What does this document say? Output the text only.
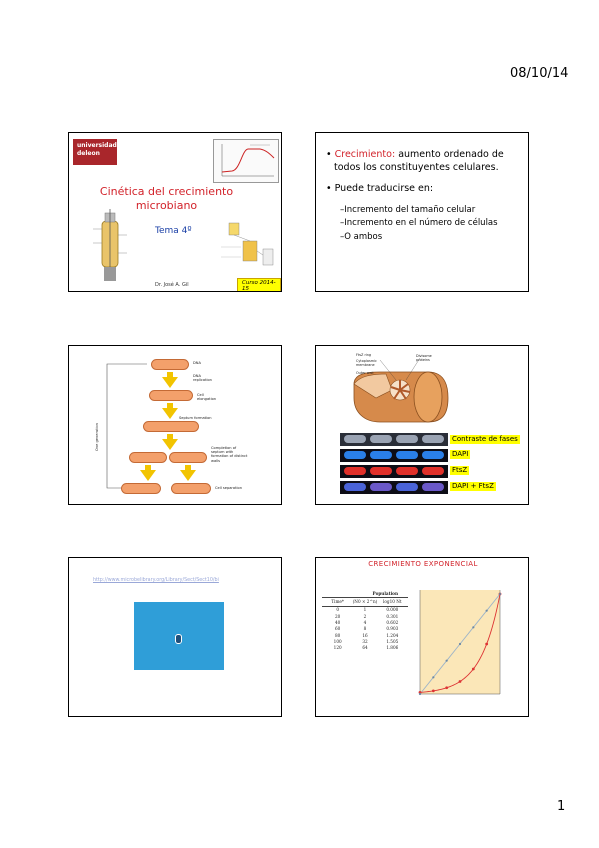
08/10/14
universidad
deleon
Cinética del crecimiento microbiano
Tema 4º
Dr. José A. Gil	Curso 2014-15
• Crecimiento: aumento ordenado de todos los constituyentes celulares.
• Puede traducirse en:
–Incremento del tamaño celular
–Incremento en el número de células
–O ambos
One generation
DNA
DNA replication
Cell elongation
Septum formation
Completion of septum with formation of distinct walls
Cell separation
FtsZ ring
Cytoplasmic membrane
Divisome proteins
Outer wall
Contraste de fases
DAPI
FtsZ
DAPI + FtsZ
http://www.microbelibrary.org/Library/Sect/Sect10/bi
CRECIMIENTO EXPONENCIAL
Population
Time*	(N0 × 2^n)	log10 Nt
0	1	0.000
20	2	0.301
40	4	0.602
60	8	0.903
80	16	1.204
100	32	1.505
120	64	1.806
1
